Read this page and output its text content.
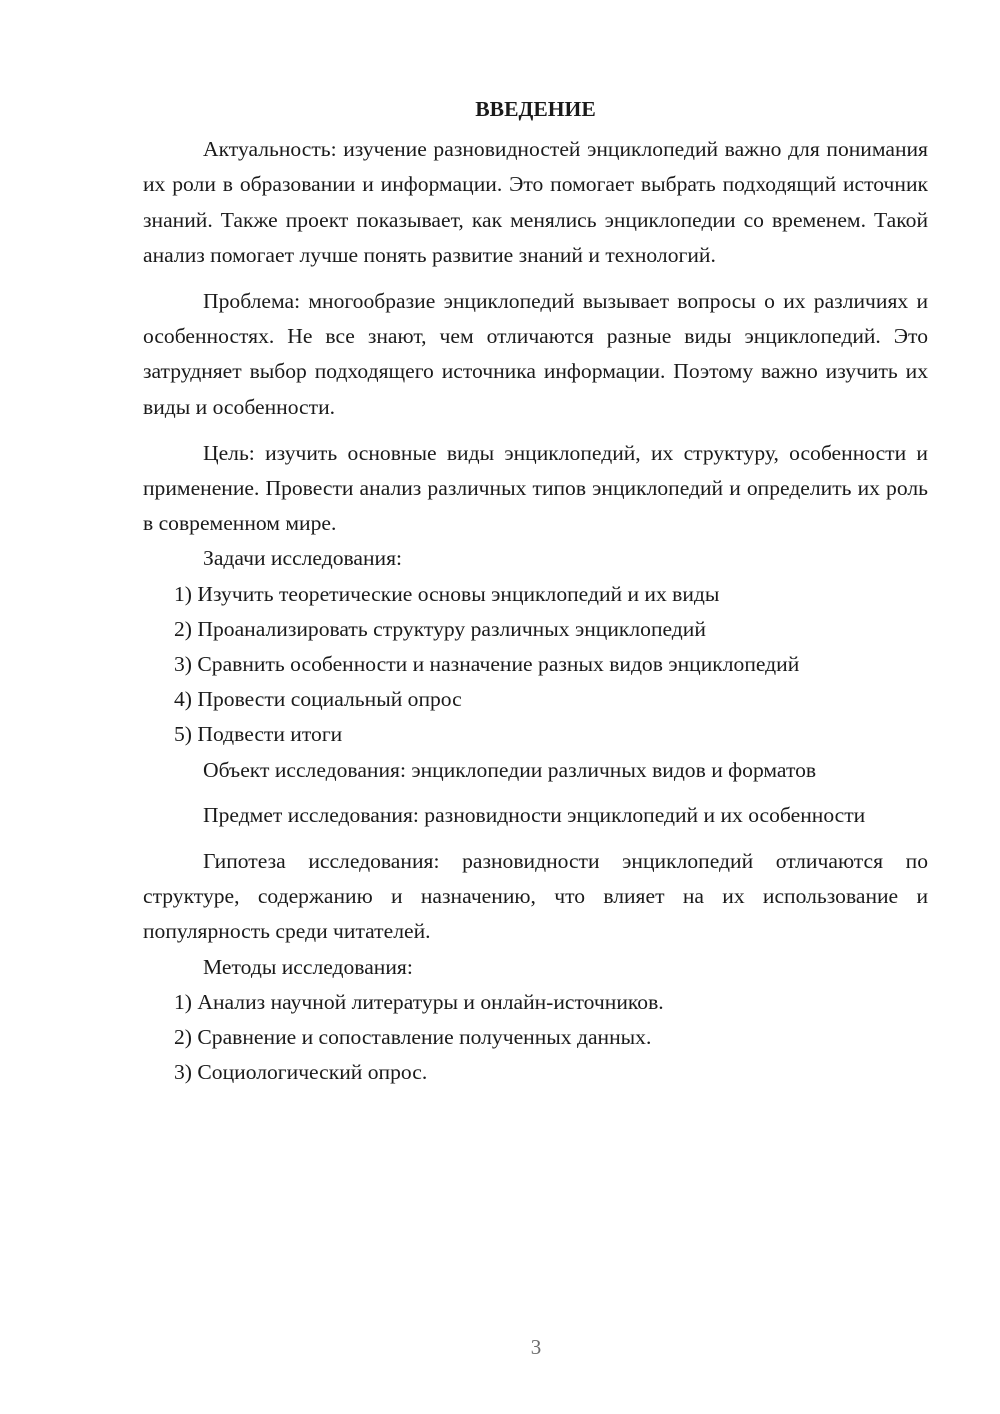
ВВЕДЕНИЕ

Актуальность: изучение разновидностей энциклопедий важно для понимания их роли в образовании и информации. Это помогает выбрать подходящий источник знаний. Также проект показывает, как менялись энциклопедии со временем. Такой анализ помогает лучше понять развитие знаний и технологий.

Проблема: многообразие энциклопедий вызывает вопросы о их различиях и особенностях. Не все знают, чем отличаются разные виды энциклопедий. Это затрудняет выбор подходящего источника информации. Поэтому важно изучить их виды и особенности.

Цель: изучить основные виды энциклопедий, их структуру, особенности и применение. Провести анализ различных типов энциклопедий и определить их роль в современном мире.

Задачи исследования:

1) Изучить теоретические основы энциклопедий и их виды

2) Проанализировать структуру различных энциклопедий

3) Сравнить особенности и назначение разных видов энциклопедий

4) Провести социальный опрос

5) Подвести итоги

Объект исследования: энциклопедии различных видов и форматов

Предмет исследования: разновидности энциклопедий и их особенности

Гипотеза исследования: разновидности энциклопедий отличаются по структуре, содержанию и назначению, что влияет на их использование и популярность среди читателей.

Методы исследования:

1) Анализ научной литературы и онлайн-источников.

2) Сравнение и сопоставление полученных данных.

3) Социологический опрос.

3
